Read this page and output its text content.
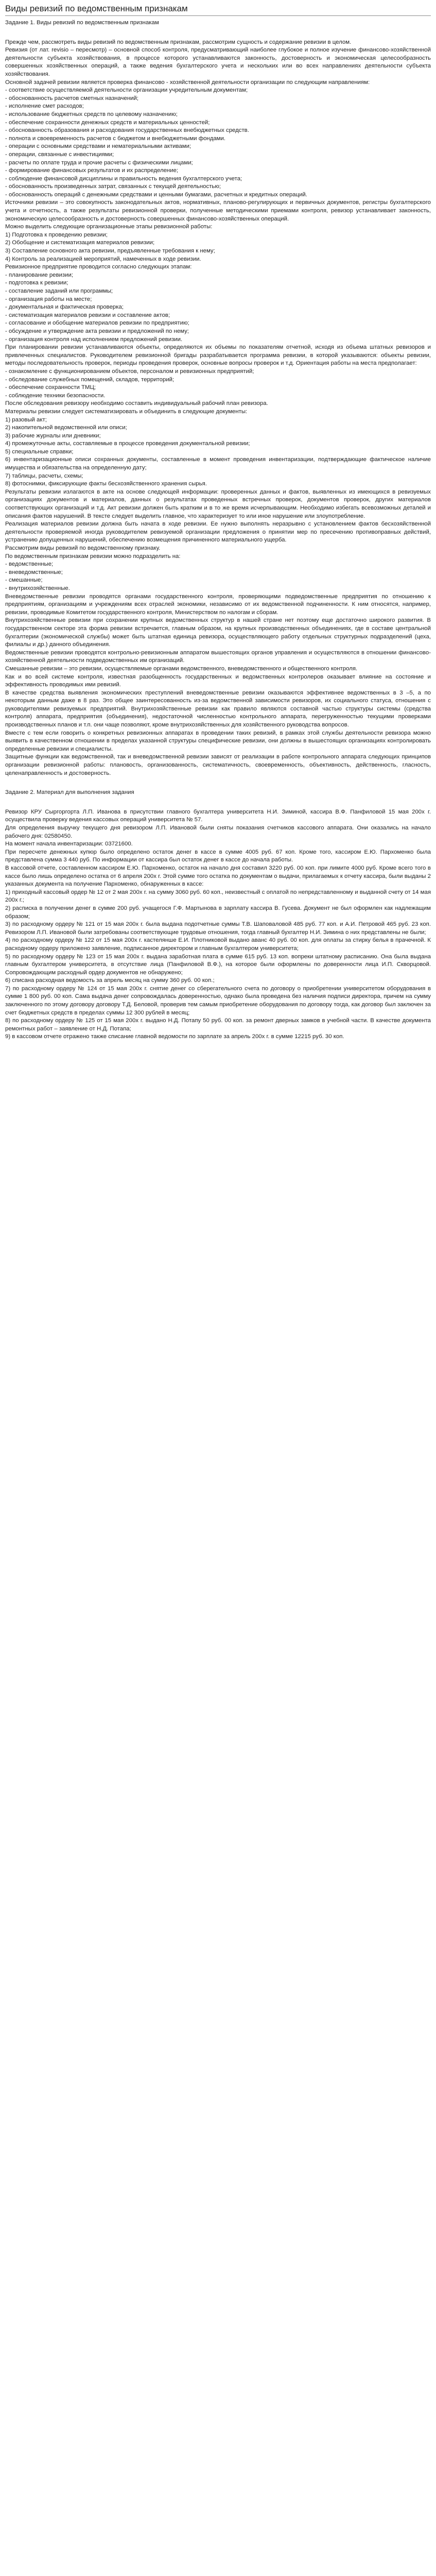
Виды ревизий по ведомственным признакам
Задание 1. Виды ревизий по ведомственным признакам
Прежде чем, рассмотреть виды ревизий по ведомственным признакам, рассмотрим сущность и содержание ревизии в целом.
Ревизия (от лат. revisio – пересмотр) – основной способ контроля, предусматривающий наиболее глубокое и полное изучение финансово-хозяйственной деятельности субъекта хозяйствования, в процессе которого устанавливаются законность, достоверность и экономическая целесообразность совершенных хозяйственных операций, а также ведения бухгалтерского учета и нескольких или во всех направлениях деятельности субъекта хозяйствования.
Основной задачей ревизии является проверка финансово - хозяйственной деятельности организации по следующим направлениям:
- соответствие осуществляемой деятельности организации учредительным документам;
- обоснованность расчетов сметных назначений;
- исполнение смет расходов;
- использование бюджетных средств по целевому назначению;
- обеспечение сохранности денежных средств и материальных ценностей;
- обоснованность образования и расходования государственных внебюджетных средств.
- полнота и своевременность расчетов с бюджетом и внебюджетными фондами.
- операции с основными средствами и нематериальными активами;
- операции, связанные с инвестициями;
- расчеты по оплате труда и прочие расчеты с физическими лицами;
- формирование финансовых результатов и их распределение;
- соблюдение финансовой дисциплины и правильность ведения бухгалтерского учета;
- обоснованность произведенных затрат, связанных с текущей деятельностью;
- обоснованность операций с денежными средствами и ценными бумагами, расчетных и кредитных операций.
Источники ревизии – это совокупность законодательных актов, нормативных, планово-регулирующих и первичных документов, регистры бухгалтерского учета и отчетность, а также результаты ревизионной проверки, полученные методическими приемами контроля, ревизор устанавливает законность, экономическую целесообразность и достоверность совершенных финансово-хозяйственных операций.
Можно выделить следующие организационные этапы ревизионной работы:
1) Подготовка к проведению ревизии;
2) Обобщение и систематизация материалов ревизии;
3) Составление основного акта ревизии, предъявленные требования к нему;
4) Контроль за реализацией мероприятий, намеченных в ходе ревизии.
Ревизионное предприятие проводится согласно следующих этапам:
- планирование ревизии;
- подготовка к ревизии;
- составление заданий или программы;
- организация работы на месте;
- документальная и фактическая проверка;
- систематизация материалов ревизии и составление актов;
- согласование и обобщение материалов ревизии по предприятию;
- обсуждение и утверждение акта ревизии и предложений по нему;
- организация контроля над исполнением предложений ревизии.
При планировании ревизии устанавливаются объекты, определяются их объемы по показателям отчетной, исходя из объема штатных ревизоров и привлеченных специалистов. Руководителем ревизионной бригады разрабатывается программа ревизии, в которой указываются: объекты ревизии, методы последовательность проверок, периоды проведения проверок, основные вопросы проверок и т.д. Ориентация работы на места предполагает:
- ознакомление с функционированием объектов, персоналом и ревизионных предприятий;
- обследование служебных помещений, складов, территорий;
- обеспечение сохранности ТМЦ;
- соблюдение техники безопасности.
После обследования ревизору необходимо составить индивидуальный рабочий план ревизора.
Материалы ревизии следует систематизировать и объединить в следующие документы:
1) разовый акт;
2) накопительной ведомственной или описи;
3) рабочие журналы или дневники;
4) промежуточные акты, составляемые в процессе проведения документальной ревизии;
5) специальные справки;
6) инвентаризационные описи сохранных документы, составленные в момент проведения инвентаризации, подтверждающие фактическое наличие имущества и обязательства на определенную дату;
7) таблицы, расчеты, схемы;
8) фотоснимки, фиксирующие факты бесхозяйственного хранения сырья.
Результаты ревизии излагаются в акте на основе следующей информации: проверенных данных и фактов, выявленных из имеющихся в ревизуемых организациях документов и материалов, данных о результатах проведенных встречных проверок, документов проверок, других материалов соответствующих организаций и т.д. Акт ревизии должен быть кратким и в то же время исчерпывающим. Необходимо избегать всевозможных деталей и описания фактов нарушений. В тексте следует выделить главное, что характеризует то или иное нарушение или злоупотребление.
Реализация материалов ревизии должна быть начата в ходе ревизии. Ее нужно выполнять неразрывно с установлением фактов бесхозяйственной деятельности проверяемой иногда руководителем ревизуемой организации предложения о принятии мер по пресечению противоправных действий, устранению допущенных нарушений, обеспечению возмещения причиненного материального ущерба.
Рассмотрим виды ревизий по ведомственному признаку.
По ведомственным признакам ревизии можно подразделить на:
- ведомственные;
- вневедомственные;
- смешанные;
- внутрихозяйственные.
Вневедомственные ревизии проводятся органами государственного контроля, проверяющими подведомственные предприятия по отношению к предприятиям, организациям и учреждениям всех отраслей экономики, независимо от их ведомственной подчиненности. К ним относятся, например, ревизии, проводимые Комитетом государственного контроля, Министерством по налогам и сборам.
Внутрихозяйственные ревизии при сохранении крупных ведомственных структур в нашей стране нет поэтому еще достаточно широкого развития. В государственном секторе эта форма ревизии встречается, главным образом, на крупных производственных объединениях, где в составе центральной бухгалтерии (экономической службы) может быть штатная единица ревизора, осуществляющего работу отдельных структурных подразделений (цеха, филиалы и др.) данного объединения.
Ведомственные ревизии проводятся контрольно-ревизионным аппаратом вышестоящих органов управления и осуществляются в отношении финансово-хозяйственной деятельности подведомственных им организаций.
Смешанные ревизии – это ревизии, осуществляемые органами ведомственного, вневедомственного и общественного контроля.
Как и во всей системе контроля, известная разобщенность государственных и ведомственных контролеров оказывает влияние на состояние и эффективность проводимых ими ревизий.
В качестве средства выявления экономических преступлений вневедомственные ревизии оказываются эффективнее ведомственных в 3 –5, а по некоторым данным даже в 8 раз. Это общее заинтересованность из-за ведомственной зависимости ревизоров, их социального статуса, отношения с руководителями ревизуемых предприятий. Внутрихозяйственные ревизии как правило являются составной частью структуры системы (средства контроля) аппарата, предприятия (объединения), недостаточной численностью контрольного аппарата, перегруженностью текущими проверками производственных планов и т.п. они чаще позволяют, кроме внутрихозяйственных для хозяйственного руководства вопросов.
Вместе с тем если говорить о конкретных ревизионных аппаратах в проведении таких ревизий, в рамках этой службы деятельности ревизора можно выявить в качественном отношении в пределах указанной структуры специфические ревизии, они должны в вышестоящих организациях контролировать определенные ревизии и специалисты.
Защитные функции как ведомственной, так и вневедомственной ревизии зависят от реализации в работе контрольного аппарата следующих принципов организации ревизионной работы: плановость, организованность, систематичность, своевременность, объективность, действенность, гласность, целенаправленность и достоверность.
Задание 2. Материал для выполнения задания
Ревизор КРУ Сыргоргорта Л.П. Иванова в присутствии главного бухгалтера университета Н.И. Зиминой, кассира В.Ф. Панфиловой 15 мая 200х г. осуществила проверку ведения кассовых операций университета № 57.
Для определения выручку текущего дня ревизором Л.П. Ивановой были сняты показания счетчиков кассового аппарата. Они оказались на начало рабочего дня: 02580450.
На момент начала инвентаризации: 03721600.
При пересчете денежных купюр было определено остаток денег в кассе в сумме 4005 руб. 67 коп. Кроме того, кассиром Е.Ю. Пархоменко была представлена сумма 3 440 руб. По информации от кассира был остаток денег в кассе до начала работы.
В кассовой отчете, составленном кассиром Е.Ю. Пархоменко, остаток на начало дня составил 3220 руб. 00 коп. при лимите 4000 руб. Кроме всего того в кассе было лишь определено остатка от 6 апреля 200х г. Этой сумме того остатка по документам о выдачи, прилагаемых к отчету кассира, были выданы 2 указанных документа на получение Пархоменко, обнаруженных в кассе:
1) приходный кассовый ордер № 12 от 2 мая 200х г. на сумму 3060 руб. 60 коп., неизвестный с оплатой по непредставленному и выданной счету от 14 мая 200х г.;
2) расписка в получении денег в сумме 200 руб. учащегося Г.Ф. Мартынова в зарплату кассира В. Гусева. Документ не был оформлен как надлежащим образом;
3) по расходному ордеру № 121 от 15 мая 200х г. была выдана подотчетные суммы Т.В. Шаповаловой 485 руб. 77 коп. и А.И. Петровой 465 руб. 23 коп. Ревизором Л.П. Ивановой были затребованы соответствующие трудовые отношения, тогда главный бухгалтер Н.И. Зимина о них представлены не были;
4) по расходному ордеру № 122 от 15 мая 200х г. кастелянше Е.И. Плотниковой выдано аванс 40 руб. 00 коп. для оплаты за стирку белья в прачечной. К расходному ордеру приложено заявление, подписанное директором и главным бухгалтером университета;
5) по расходному ордеру № 123 от 15 мая 200х г. выдана заработная плата в сумме 615 руб. 13 коп. вопреки штатному расписанию. Она была выдана главным бухгалтером университета, в отсутствие лица (Панфиловой В.Ф.), на которое были оформлены по доверенности лица И.П. Скворцовой. Сопровождающим расходный ордер документов не обнаружено;
6) списана расходная ведомость за апрель месяц на сумму 360 руб. 00 коп.;
7) по расходному ордеру № 124 от 15 мая 200х г. снятие денег со сберегательного счета по договору о приобретении университетом оборудования в сумме 1 800 руб. 00 коп. Сама выдача денег сопровождалась доверенностью, однако была проведена без наличия подписи директора, причем на сумму заключенного по этому договору договору Т.Д. Беловой, проверив тем самым приобретение оборудования по договору тогда, как договор был заключен за счет бюджетных средств в пределах суммы 12 300 рублей в месяц;
8) по расходному ордеру № 125 от 15 мая 200х г. выдано Н.Д. Потапу 50 руб. 00 коп. за ремонт дверных замков в учебной части. В качестве документа ремонтных работ – заявление от Н.Д. Потапа;
9) в кассовом отчете отражено также списание главной ведомости по зарплате за апрель 200х г. в сумме 12215 руб. 30 коп.
